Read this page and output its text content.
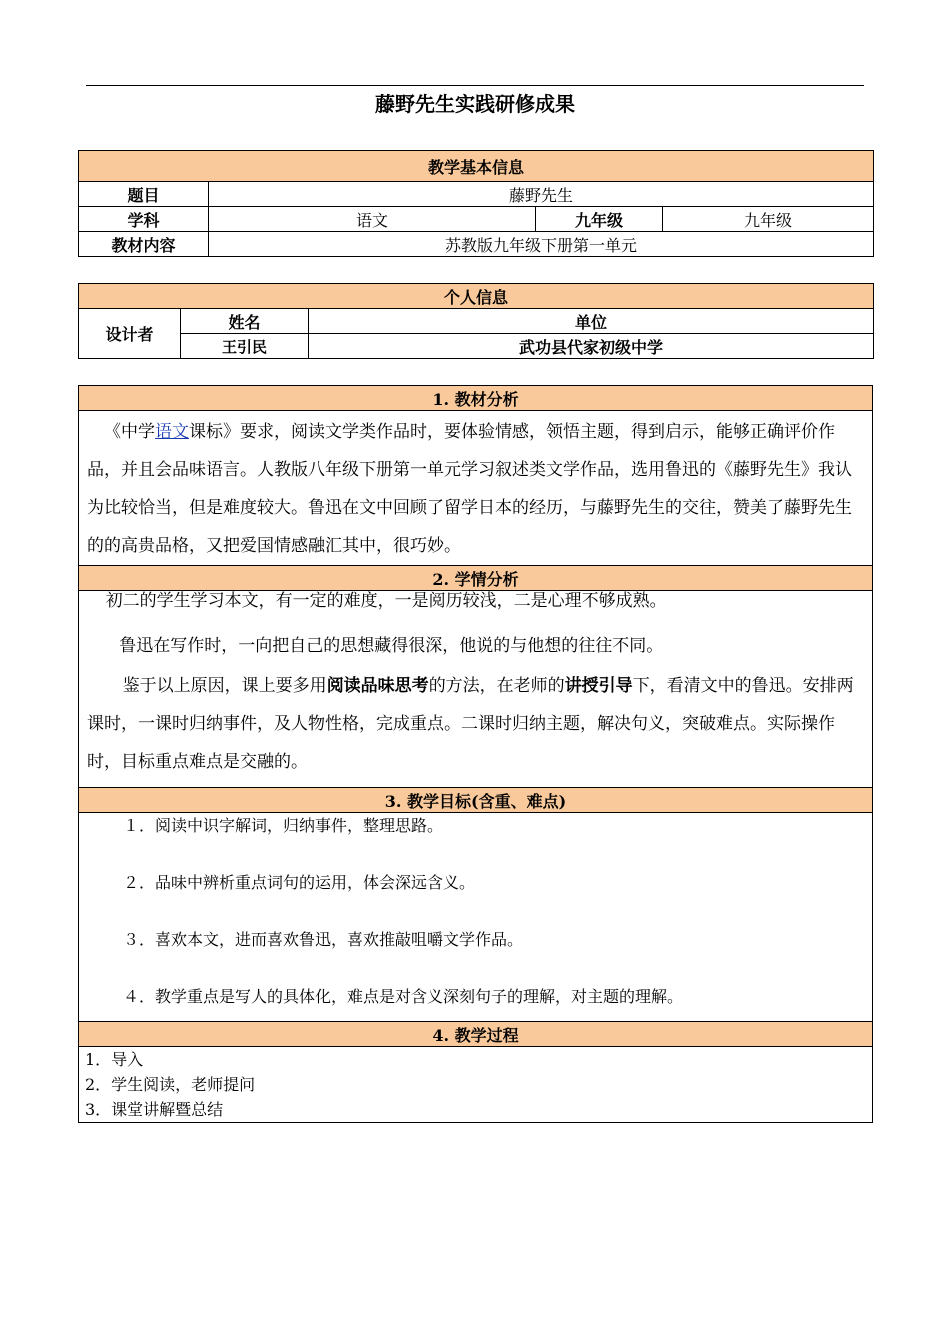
藤野先生实践研修成果
教学基本信息			
题目	藤野先生		
学科	语文	九年级	九年级
教材内容	苏教版九年级下册第一单元		
个人信息		
设计者	姓名	单位
	王引民	武功县代家初级中学
1. 教材分析
《中学语文课标》要求，阅读文学类作品时，要体验情感，领悟主题，得到启示，能够正确评价作品，并且会品味语言。人教版八年级下册第一单元学习叙述类文学作品，选用鲁迅的《藤野先生》我认为比较恰当，但是难度较大。鲁迅在文中回顾了留学日本的经历，与藤野先生的交往，赞美了藤野先生的的高贵品格，又把爱国情感融汇其中，很巧妙。
2. 学情分析

初二的学生学习本文，有一定的难度，一是阅历较浅，二是心理不够成熟。

鲁迅在写作时，一向把自己的思想藏得很深，他说的与他想的往往不同。

鉴于以上原因，课上要多用阅读品味思考的方法，在老师的讲授引导下，看清文中的鲁迅。安排两课时，一课时归纳事件，及人物性格，完成重点。二课时归纳主题，解决句义，突破难点。实际操作时，目标重点难点是交融的。

3. 教学目标(含重、难点)

１．阅读中识字解词，归纳事件，整理思路。

２．品味中辨析重点词句的运用，体会深远含义。

３．喜欢本文，进而喜欢鲁迅，喜欢推敲咀嚼文学作品。

４．教学重点是写人的具体化，难点是对含义深刻句子的理解，对主题的理解。

4. 教学过程

1．导入

2．学生阅读，老师提问

3．课堂讲解暨总结
